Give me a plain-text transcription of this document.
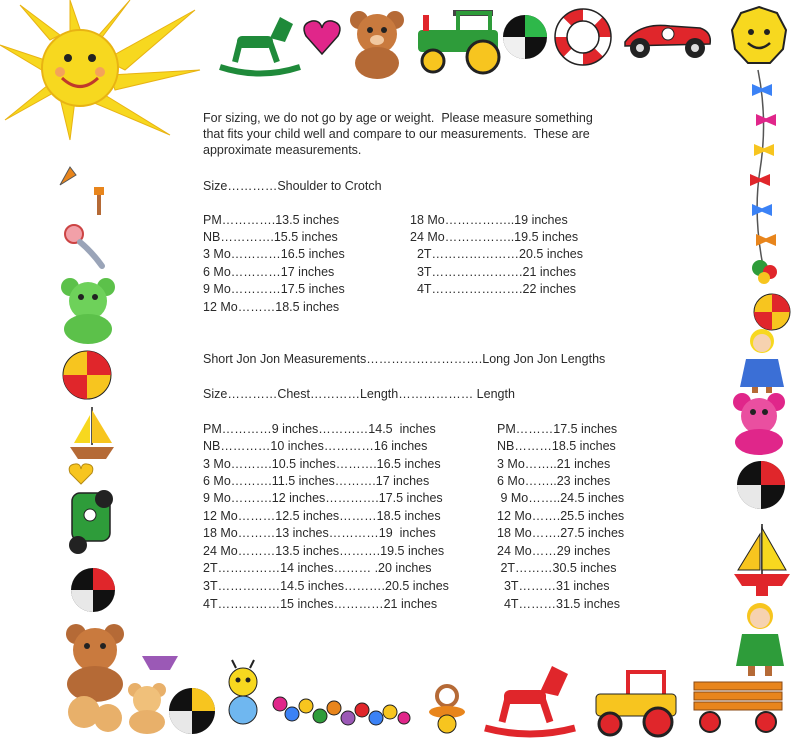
For sizing, we do not go by age or weight.  Please measure something
that fits your child well and compare to our measurements.  These are
approximate measurements.
Size…………Shoulder to Crotch
PM………….13.5 inches
NB………….15.5 inches
3 Mo…………16.5 inches
6 Mo…………17 inches
9 Mo…………17.5 inches
12 Mo………18.5 inches
18 Mo……………..19 inches
24 Mo……………..19.5 inches
2T…………………20.5 inches
3T………………….21 inches
4T………………….22 inches
Short Jon Jon Measurements……………………….Long Jon Jon Lengths
Size…………Chest…………Length……………… Length
PM…………9 inches…………14.5  inches
NB…………10 inches…………16 inches
3 Mo……….10.5 inches……….16.5 inches
6 Mo……….11.5 inches……….17 inches
9 Mo……….12 inches………….17.5 inches
12 Mo………12.5 inches………18.5 inches
18 Mo………13 inches…………19  inches
24 Mo………13.5 inches……….19.5 inches
2T……………14 inches……… .20 inches
3T……………14.5 inches……….20.5 inches
4T……………15 inches…………21 inches
PM………17.5 inches
NB………18.5 inches
3 Mo……..21 inches
6 Mo……..23 inches
9 Mo……..24.5 inches
12 Mo…….25.5 inches
18 Mo…….27.5 inches
24 Mo……29 inches
2T………30.5 inches
3T………31 inches
4T………31.5 inches
